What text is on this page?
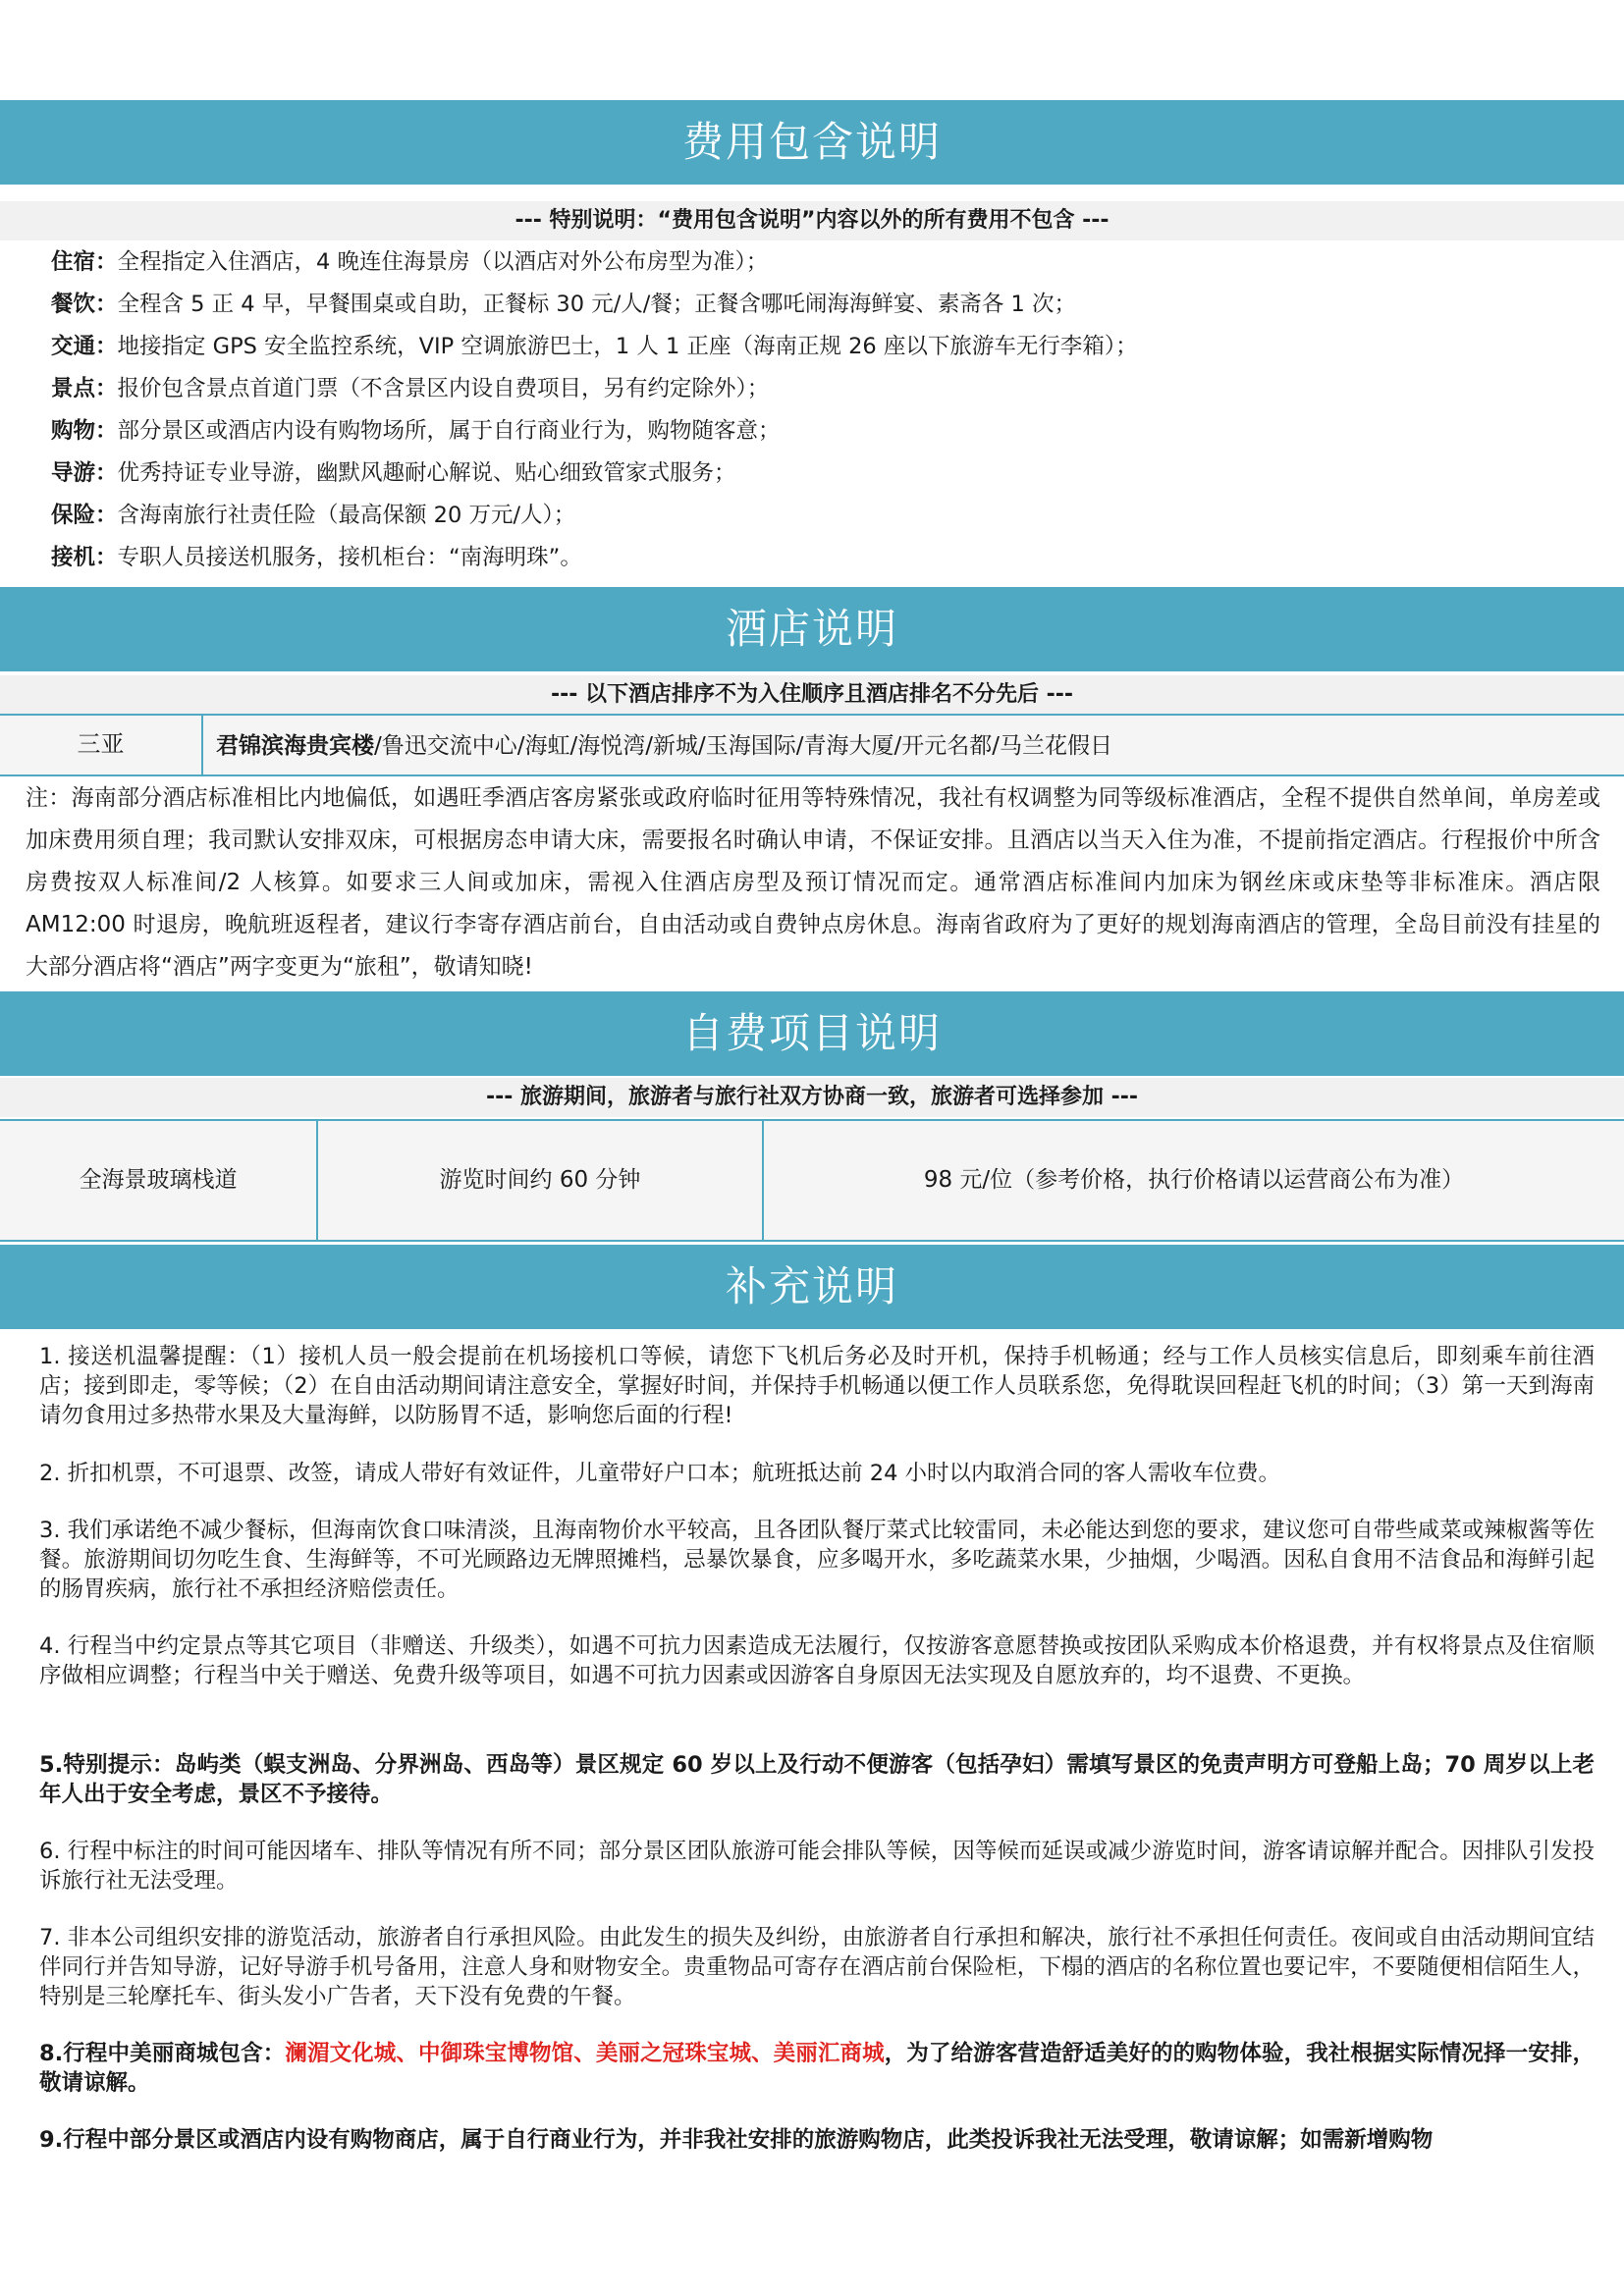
费用包含说明
--- 特别说明：“费用包含说明”内容以外的所有费用不包含 ---
住宿：全程指定入住酒店，4 晚连住海景房（以酒店对外公布房型为准）；
餐饮：全程含 5 正 4 早，早餐围桌或自助，正餐标 30 元/人/餐；正餐含哪吒闹海海鲜宴、素斋各 1 次；
交通：地接指定 GPS 安全监控系统，VIP 空调旅游巴士，1 人 1 正座（海南正规 26 座以下旅游车无行李箱）；
景点：报价包含景点首道门票（不含景区内设自费项目，另有约定除外）；
购物：部分景区或酒店内设有购物场所，属于自行商业行为，购物随客意；
导游：优秀持证专业导游，幽默风趣耐心解说、贴心细致管家式服务；
保险：含海南旅行社责任险（最高保额 20 万元/人）；
接机：专职人员接送机服务，接机柜台：“南海明珠”。
酒店说明
--- 以下酒店排序不为入住顺序且酒店排名不分先后 ---
三亚	君锦滨海贵宾楼/鲁迅交流中心/海虹/海悦湾/新城/玉海国际/青海大厦/开元名都/马兰花假日
注：海南部分酒店标准相比内地偏低，如遇旺季酒店客房紧张或政府临时征用等特殊情况，我社有权调整为同等级标准酒店，全程不提供自然单间，单房差或加床费用须自理；我司默认安排双床，可根据房态申请大床，需要报名时确认申请，不保证安排。且酒店以当天入住为准，不提前指定酒店。行程报价中所含房费按双人标准间/2 人核算。如要求三人间或加床，需视入住酒店房型及预订情况而定。通常酒店标准间内加床为钢丝床或床垫等非标准床。酒店限 AM12:00 时退房，晚航班返程者，建议行李寄存酒店前台，自由活动或自费钟点房休息。海南省政府为了更好的规划海南酒店的管理，全岛目前没有挂星的大部分酒店将“酒店”两字变更为“旅租”，敬请知晓!
自费项目说明
--- 旅游期间，旅游者与旅行社双方协商一致，旅游者可选择参加 ---
全海景玻璃栈道	游览时间约 60 分钟	98 元/位（参考价格，执行价格请以运营商公布为准）
补充说明
1. 接送机温馨提醒：（1）接机人员一般会提前在机场接机口等候，请您下飞机后务必及时开机，保持手机畅通；经与工作人员核实信息后，即刻乘车前往酒店；接到即走，零等候；（2）在自由活动期间请注意安全，掌握好时间，并保持手机畅通以便工作人员联系您，免得耽误回程赶飞机的时间；（3）第一天到海南请勿食用过多热带水果及大量海鲜，以防肠胃不适，影响您后面的行程!
2. 折扣机票，不可退票、改签，请成人带好有效证件，儿童带好户口本；航班抵达前 24 小时以内取消合同的客人需收车位费。
3. 我们承诺绝不减少餐标，但海南饮食口味清淡，且海南物价水平较高，且各团队餐厅菜式比较雷同，未必能达到您的要求，建议您可自带些咸菜或辣椒酱等佐餐。旅游期间切勿吃生食、生海鲜等，不可光顾路边无牌照摊档，忌暴饮暴食，应多喝开水，多吃蔬菜水果，少抽烟，少喝酒。因私自食用不洁食品和海鲜引起的肠胃疾病，旅行社不承担经济赔偿责任。
4. 行程当中约定景点等其它项目（非赠送、升级类），如遇不可抗力因素造成无法履行，仅按游客意愿替换或按团队采购成本价格退费，并有权将景点及住宿顺序做相应调整；行程当中关于赠送、免费升级等项目，如遇不可抗力因素或因游客自身原因无法实现及自愿放弃的，均不退费、不更换。
5.特别提示：岛屿类（蜈支洲岛、分界洲岛、西岛等）景区规定 60 岁以上及行动不便游客（包括孕妇）需填写景区的免责声明方可登船上岛；70 周岁以上老年人出于安全考虑，景区不予接待。
6. 行程中标注的时间可能因堵车、排队等情况有所不同；部分景区团队旅游可能会排队等候，因等候而延误或减少游览时间，游客请谅解并配合。因排队引发投诉旅行社无法受理。
7. 非本公司组织安排的游览活动，旅游者自行承担风险。由此发生的损失及纠纷，由旅游者自行承担和解决，旅行社不承担任何责任。夜间或自由活动期间宜结伴同行并告知导游，记好导游手机号备用，注意人身和财物安全。贵重物品可寄存在酒店前台保险柜，下榻的酒店的名称位置也要记牢，不要随便相信陌生人，特别是三轮摩托车、街头发小广告者，天下没有免费的午餐。
8.行程中美丽商城包含：澜湄文化城、中御珠宝博物馆、美丽之冠珠宝城、美丽汇商城，为了给游客营造舒适美好的的购物体验，我社根据实际情况择一安排，敬请谅解。
9.行程中部分景区或酒店内设有购物商店，属于自行商业行为，并非我社安排的旅游购物店，此类投诉我社无法受理，敬请谅解；如需新增购物
